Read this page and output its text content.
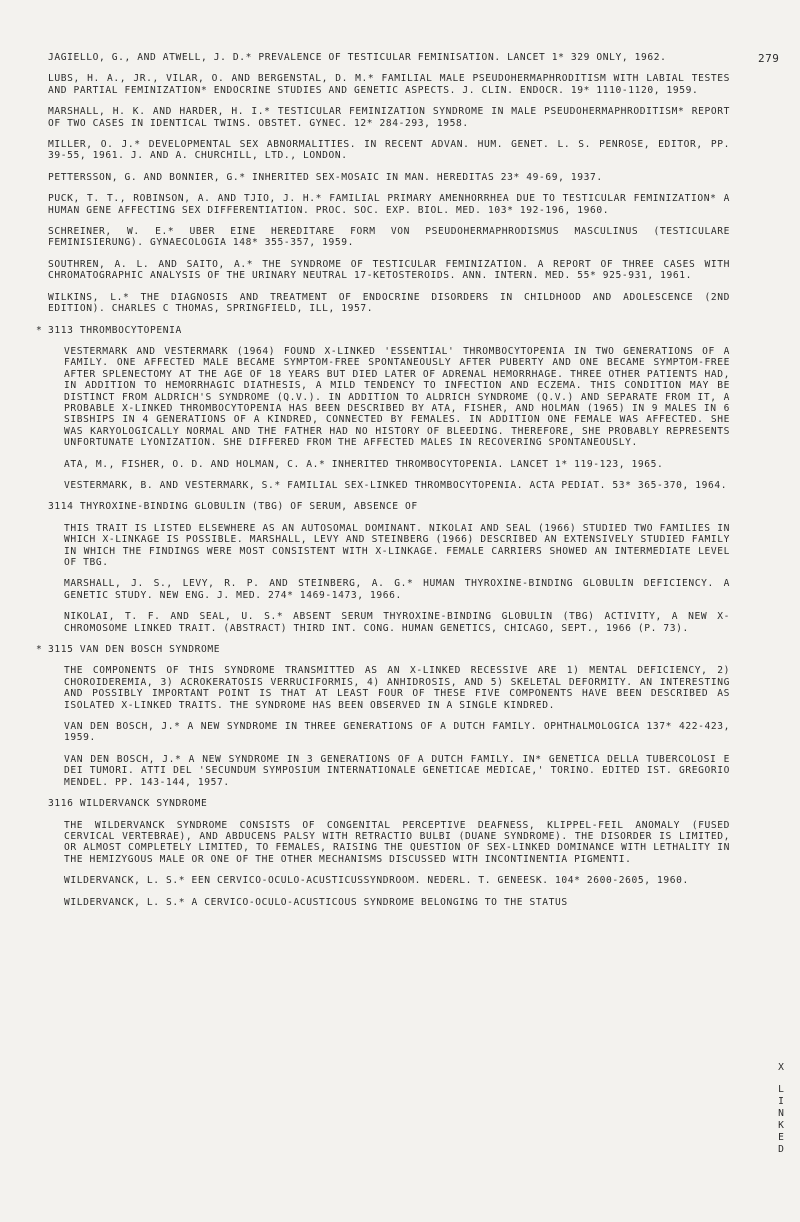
279
JAGIELLO, G., AND ATWELL, J. D.* PREVALENCE OF TESTICULAR FEMINISATION. LANCET 1* 329 ONLY, 1962.
LUBS, H. A., JR., VILAR, O. AND BERGENSTAL, D. M.* FAMILIAL MALE PSEUDOHERMAPHRODITISM WITH LABIAL TESTES AND PARTIAL FEMINIZATION* ENDOCRINE STUDIES AND GENETIC ASPECTS. J. CLIN. ENDOCR. 19* 1110-1120, 1959.
MARSHALL, H. K. AND HARDER, H. I.* TESTICULAR FEMINIZATION SYNDROME IN MALE PSEUDOHERMAPHRODITISM* REPORT OF TWO CASES IN IDENTICAL TWINS. OBSTET. GYNEC. 12* 284-293, 1958.
MILLER, O. J.* DEVELOPMENTAL SEX ABNORMALITIES. IN RECENT ADVAN. HUM. GENET. L. S. PENROSE, EDITOR, PP. 39-55, 1961. J. AND A. CHURCHILL, LTD., LONDON.
PETTERSSON, G. AND BONNIER, G.* INHERITED SEX-MOSAIC IN MAN. HEREDITAS 23* 49-69, 1937.
PUCK, T. T., ROBINSON, A. AND TJIO, J. H.* FAMILIAL PRIMARY AMENHORRHEA DUE TO TESTICULAR FEMINIZATION* A HUMAN GENE AFFECTING SEX DIFFERENTIATION. PROC. SOC. EXP. BIOL. MED. 103* 192-196, 1960.
SCHREINER, W. E.* UBER EINE HEREDITARE FORM VON PSEUDOHERMAPHRODISMUS MASCULINUS (TESTICULARE FEMINISIERUNG). GYNAECOLOGIA 148* 355-357, 1959.
SOUTHREN, A. L. AND SAITO, A.* THE SYNDROME OF TESTICULAR FEMINIZATION. A REPORT OF THREE CASES WITH CHROMATOGRAPHIC ANALYSIS OF THE URINARY NEUTRAL 17-KETOSTEROIDS. ANN. INTERN. MED. 55* 925-931, 1961.
WILKINS, L.* THE DIAGNOSIS AND TREATMENT OF ENDOCRINE DISORDERS IN CHILDHOOD AND ADOLESCENCE (2ND EDITION). CHARLES C THOMAS, SPRINGFIELD, ILL, 1957.
* 3113 THROMBOCYTOPENIA
VESTERMARK AND VESTERMARK (1964) FOUND X-LINKED 'ESSENTIAL' THROMBOCYTOPENIA IN TWO GENERATIONS OF A FAMILY. ONE AFFECTED MALE BECAME SYMPTOM-FREE SPONTANEOUSLY AFTER PUBERTY AND ONE BECAME SYMPTOM-FREE AFTER SPLENECTOMY AT THE AGE OF 18 YEARS BUT DIED LATER OF ADRENAL HEMORRHAGE. THREE OTHER PATIENTS HAD, IN ADDITION TO HEMORRHAGIC DIATHESIS, A MILD TENDENCY TO INFECTION AND ECZEMA. THIS CONDITION MAY BE DISTINCT FROM ALDRICH'S SYNDROME (Q.V.). IN ADDITION TO ALDRICH SYNDROME (Q.V.) AND SEPARATE FROM IT, A PROBABLE X-LINKED THROMBOCYTOPENIA HAS BEEN DESCRIBED BY ATA, FISHER, AND HOLMAN (1965) IN 9 MALES IN 6 SIBSHIPS IN 4 GENERATIONS OF A KINDRED, CONNECTED BY FEMALES. IN ADDITION ONE FEMALE WAS AFFECTED. SHE WAS KARYOLOGICALLY NORMAL AND THE FATHER HAD NO HISTORY OF BLEEDING. THEREFORE, SHE PROBABLY REPRESENTS UNFORTUNATE LYONIZATION. SHE DIFFERED FROM THE AFFECTED MALES IN RECOVERING SPONTANEOUSLY.
ATA, M., FISHER, O. D. AND HOLMAN, C. A.* INHERITED THROMBOCYTOPENIA. LANCET 1* 119-123, 1965.
VESTERMARK, B. AND VESTERMARK, S.* FAMILIAL SEX-LINKED THROMBOCYTOPENIA. ACTA PEDIAT. 53* 365-370, 1964.
3114 THYROXINE-BINDING GLOBULIN (TBG) OF SERUM, ABSENCE OF
THIS TRAIT IS LISTED ELSEWHERE AS AN AUTOSOMAL DOMINANT. NIKOLAI AND SEAL (1966) STUDIED TWO FAMILIES IN WHICH X-LINKAGE IS POSSIBLE. MARSHALL, LEVY AND STEINBERG (1966) DESCRIBED AN EXTENSIVELY STUDIED FAMILY IN WHICH THE FINDINGS WERE MOST CONSISTENT WITH X-LINKAGE. FEMALE CARRIERS SHOWED AN INTERMEDIATE LEVEL OF TBG.
MARSHALL, J. S., LEVY, R. P. AND STEINBERG, A. G.* HUMAN THYROXINE-BINDING GLOBULIN DEFICIENCY. A GENETIC STUDY. NEW ENG. J. MED. 274* 1469-1473, 1966.
NIKOLAI, T. F. AND SEAL, U. S.* ABSENT SERUM THYROXINE-BINDING GLOBULIN (TBG) ACTIVITY, A NEW X-CHROMOSOME LINKED TRAIT. (ABSTRACT) THIRD INT. CONG. HUMAN GENETICS, CHICAGO, SEPT., 1966 (P. 73).
* 3115 VAN DEN BOSCH SYNDROME
THE COMPONENTS OF THIS SYNDROME TRANSMITTED AS AN X-LINKED RECESSIVE ARE 1) MENTAL DEFICIENCY, 2) CHOROIDEREMIA, 3) ACROKERATOSIS VERRUCIFORMIS, 4) ANHIDROSIS, AND 5) SKELETAL DEFORMITY. AN INTERESTING AND POSSIBLY IMPORTANT POINT IS THAT AT LEAST FOUR OF THESE FIVE COMPONENTS HAVE BEEN DESCRIBED AS ISOLATED X-LINKED TRAITS. THE SYNDROME HAS BEEN OBSERVED IN A SINGLE KINDRED.
VAN DEN BOSCH, J.* A NEW SYNDROME IN THREE GENERATIONS OF A DUTCH FAMILY. OPHTHALMOLOGICA 137* 422-423, 1959.
VAN DEN BOSCH, J.* A NEW SYNDROME IN 3 GENERATIONS OF A DUTCH FAMILY. IN* GENETICA DELLA TUBERCOLOSI E DEI TUMORI. ATTI DEL 'SECUNDUM SYMPOSIUM INTERNATIONALE GENETICAE MEDICAE,' TORINO. EDITED IST. GREGORIO MENDEL. PP. 143-144, 1957.
3116 WILDERVANCK SYNDROME
THE WILDERVANCK SYNDROME CONSISTS OF CONGENITAL PERCEPTIVE DEAFNESS, KLIPPEL-FEIL ANOMALY (FUSED CERVICAL VERTEBRAE), AND ABDUCENS PALSY WITH RETRACTIO BULBI (DUANE SYNDROME). THE DISORDER IS LIMITED, OR ALMOST COMPLETELY LIMITED, TO FEMALES, RAISING THE QUESTION OF SEX-LINKED DOMINANCE WITH LETHALITY IN THE HEMIZYGOUS MALE OR ONE OF THE OTHER MECHANISMS DISCUSSED WITH INCONTINENTIA PIGMENTI.
WILDERVANCK, L. S.* EEN CERVICO-OCULO-ACUSTICUSSYNDROOM. NEDERL. T. GENEESK. 104* 2600-2605, 1960.
WILDERVANCK, L. S.* A CERVICO-OCULO-ACUSTICOUS SYNDROME BELONGING TO THE STATUS
X
L
I
N
K
E
D
